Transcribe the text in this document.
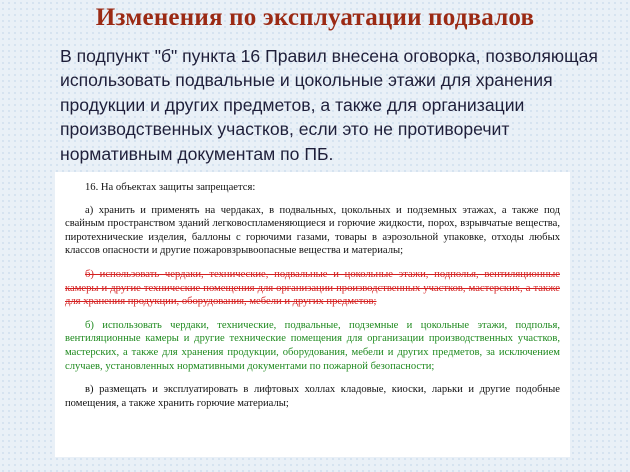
Изменения по эксплуатации подвалов
В подпункт "б" пункта 16 Правил внесена оговорка, позволяющая использовать подвальные и цокольные этажи для хранения продукции и других предметов, а также для организации производственных участков, если это не противоречит нормативным документам по ПБ.

16. На объектах защиты запрещается:

а) хранить и применять на чердаках, в подвальных, цокольных и подземных этажах, а также под свайным пространством зданий легковоспламеняющиеся и горючие жидкости, порох, взрывчатые вещества, пиротехнические изделия, баллоны с горючими газами, товары в аэрозольной упаковке, отходы любых классов опасности и другие пожаровзрывоопасные вещества и материалы;

б) использовать чердаки, технические, подвальные и цокольные этажи, подполья, вентиляционные камеры и другие технические помещения для организации производственных участков, мастерских, а также для хранения продукции, оборудования, мебели и других предметов;

б) использовать чердаки, технические, подвальные, подземные и цокольные этажи, подполья, вентиляционные камеры и другие технические помещения для организации производственных участков, мастерских, а также для хранения продукции, оборудования, мебели и других предметов, за исключением случаев, установленных нормативными документами по пожарной безопасности;

в) размещать и эксплуатировать в лифтовых холлах кладовые, киоски, ларьки и другие подобные помещения, а также хранить горючие материалы;
